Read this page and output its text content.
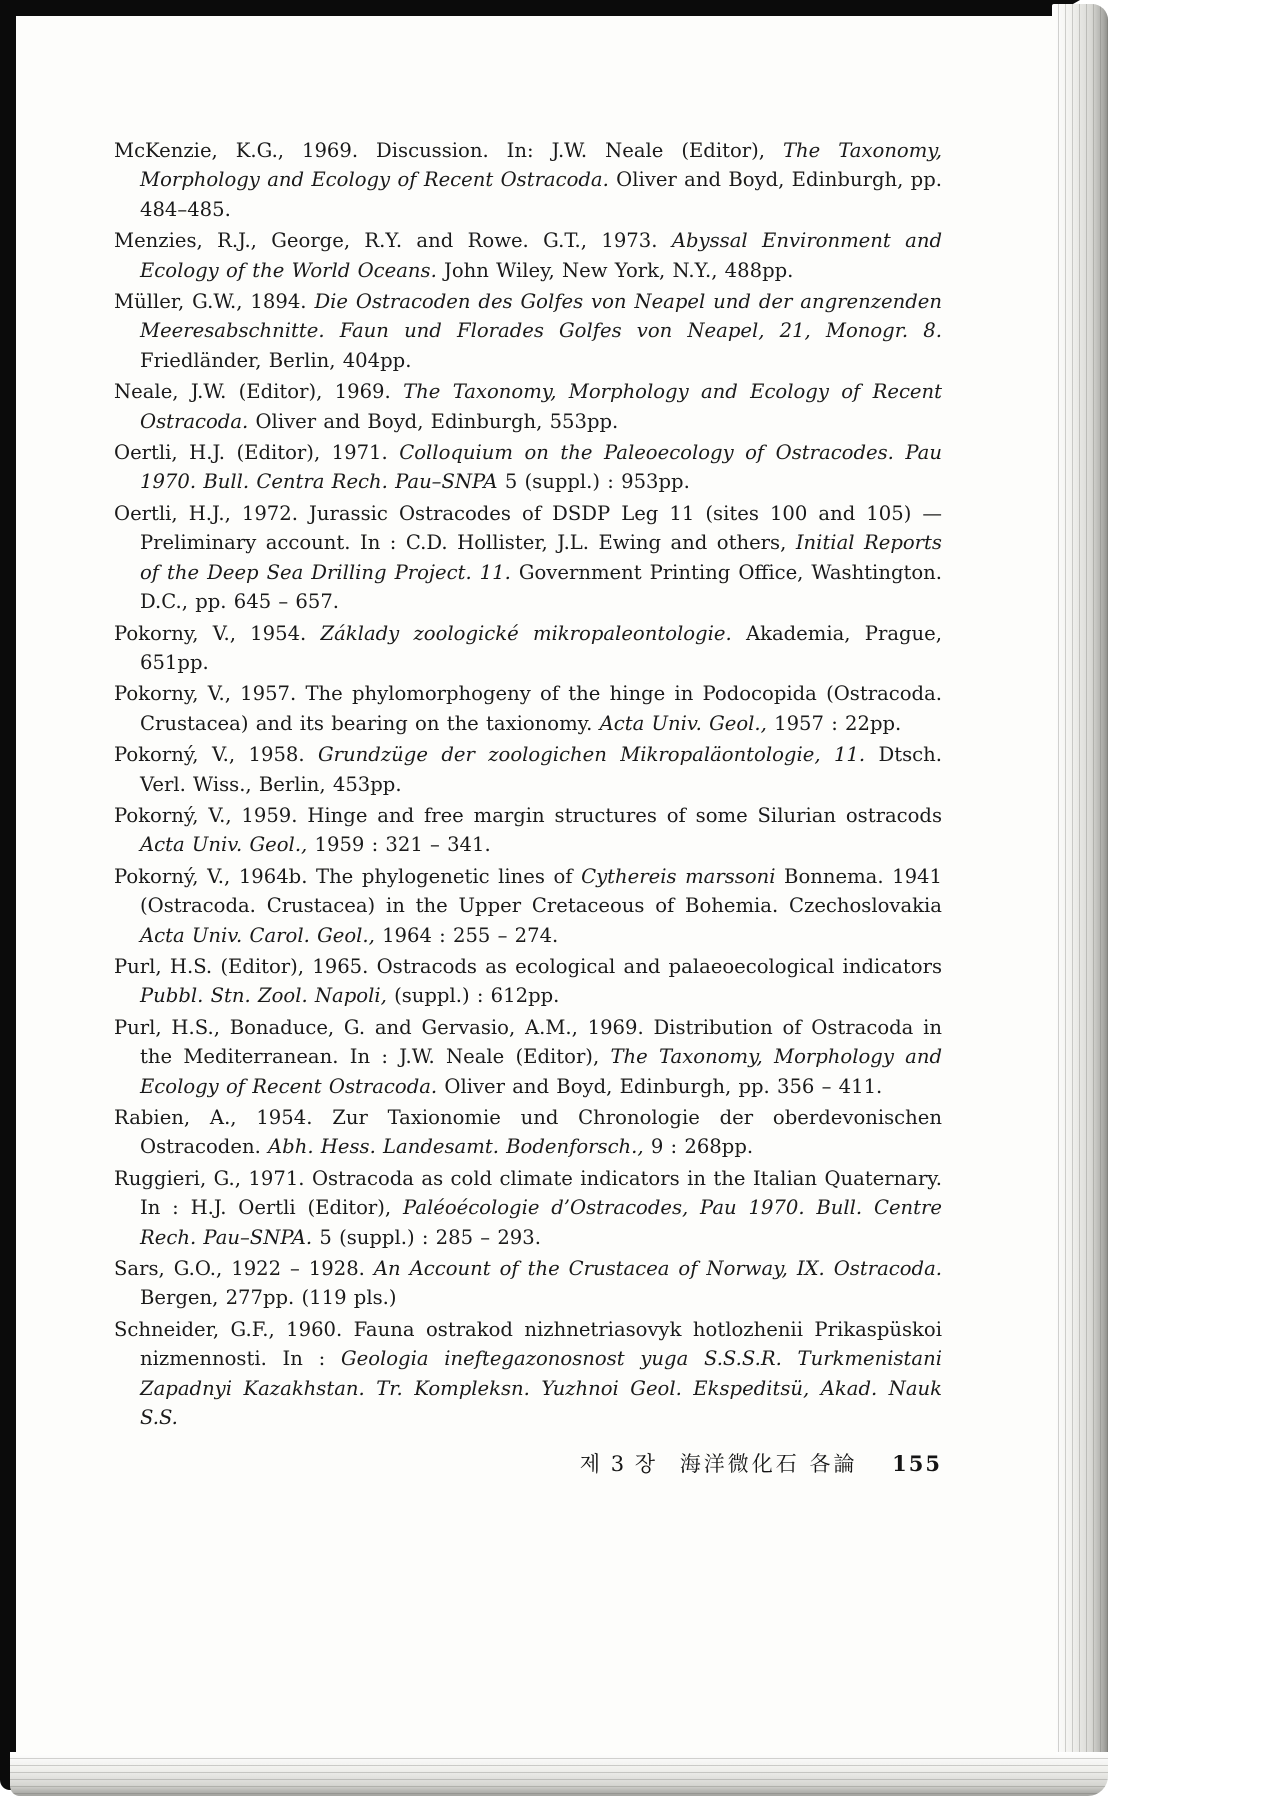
McKenzie, K.G., 1969. Discussion. In: J.W. Neale (Editor), The Taxonomy, Morphology and Ecology of Recent Ostracoda. Oliver and Boyd, Edinburgh, pp. 484–485.

Menzies, R.J., George, R.Y. and Rowe. G.T., 1973. Abyssal Environment and Ecology of the World Oceans. John Wiley, New York, N.Y., 488pp.

Müller, G.W., 1894. Die Ostracoden des Golfes von Neapel und der angrenzenden Meeresabschnitte. Faun und Florades Golfes von Neapel, 21, Monogr. 8. Friedländer, Berlin, 404pp.

Neale, J.W. (Editor), 1969. The Taxonomy, Morphology and Ecology of Recent Ostracoda. Oliver and Boyd, Edinburgh, 553pp.

Oertli, H.J. (Editor), 1971. Colloquium on the Paleoecology of Ostracodes. Pau 1970. Bull. Centra Rech. Pau–SNPA 5 (suppl.) : 953pp.

Oertli, H.J., 1972. Jurassic Ostracodes of DSDP Leg 11 (sites 100 and 105) — Preliminary account. In : C.D. Hollister, J.L. Ewing and others, Initial Reports of the Deep Sea Drilling Project. 11. Government Printing Office, Washtington. D.C., pp. 645 – 657.

Pokorny, V., 1954. Základy zoologické mikropaleontologie. Akademia, Prague, 651pp.

Pokorny, V., 1957. The phylomorphogeny of the hinge in Podocopida (Ostracoda. Crustacea) and its bearing on the taxionomy. Acta Univ. Geol., 1957 : 22pp.

Pokorný, V., 1958. Grundzüge der zoologichen Mikropaläontologie, 11. Dtsch. Verl. Wiss., Berlin, 453pp.

Pokorný, V., 1959. Hinge and free margin structures of some Silurian ostracods Acta Univ. Geol., 1959 : 321 – 341.

Pokorný, V., 1964b. The phylogenetic lines of Cythereis marssoni Bonnema. 1941 (Ostracoda. Crustacea) in the Upper Cretaceous of Bohemia. Czechoslovakia Acta Univ. Carol. Geol., 1964 : 255 – 274.

Purl, H.S. (Editor), 1965. Ostracods as ecological and palaeoecological indicators Pubbl. Stn. Zool. Napoli, (suppl.) : 612pp.

Purl, H.S., Bonaduce, G. and Gervasio, A.M., 1969. Distribution of Ostracoda in the Mediterranean. In : J.W. Neale (Editor), The Taxonomy, Morphology and Ecology of Recent Ostracoda. Oliver and Boyd, Edinburgh, pp. 356 – 411.

Rabien, A., 1954. Zur Taxionomie und Chronologie der oberdevonischen Ostracoden. Abh. Hess. Landesamt. Bodenforsch., 9 : 268pp.

Ruggieri, G., 1971. Ostracoda as cold climate indicators in the Italian Quaternary. In : H.J. Oertli (Editor), Paléoécologie d’Ostracodes, Pau 1970. Bull. Centre Rech. Pau–SNPA. 5 (suppl.) : 285 – 293.

Sars, G.O., 1922 – 1928. An Account of the Crustacea of Norway, IX. Ostracoda. Bergen, 277pp. (119 pls.)

Schneider, G.F., 1960. Fauna ostrakod nizhnetriasovyk hotlozhenii Prikaspüskoi nizmennosti. In : Geologia ineftegazonosnost yuga S.S.S.R. Turkmenistani Zapadnyi Kazakhstan. Tr. Kompleksn. Yuzhnoi Geol. Ekspeditsü, Akad. Nauk S.S.

제 3 장 海洋微化石 各論 155
